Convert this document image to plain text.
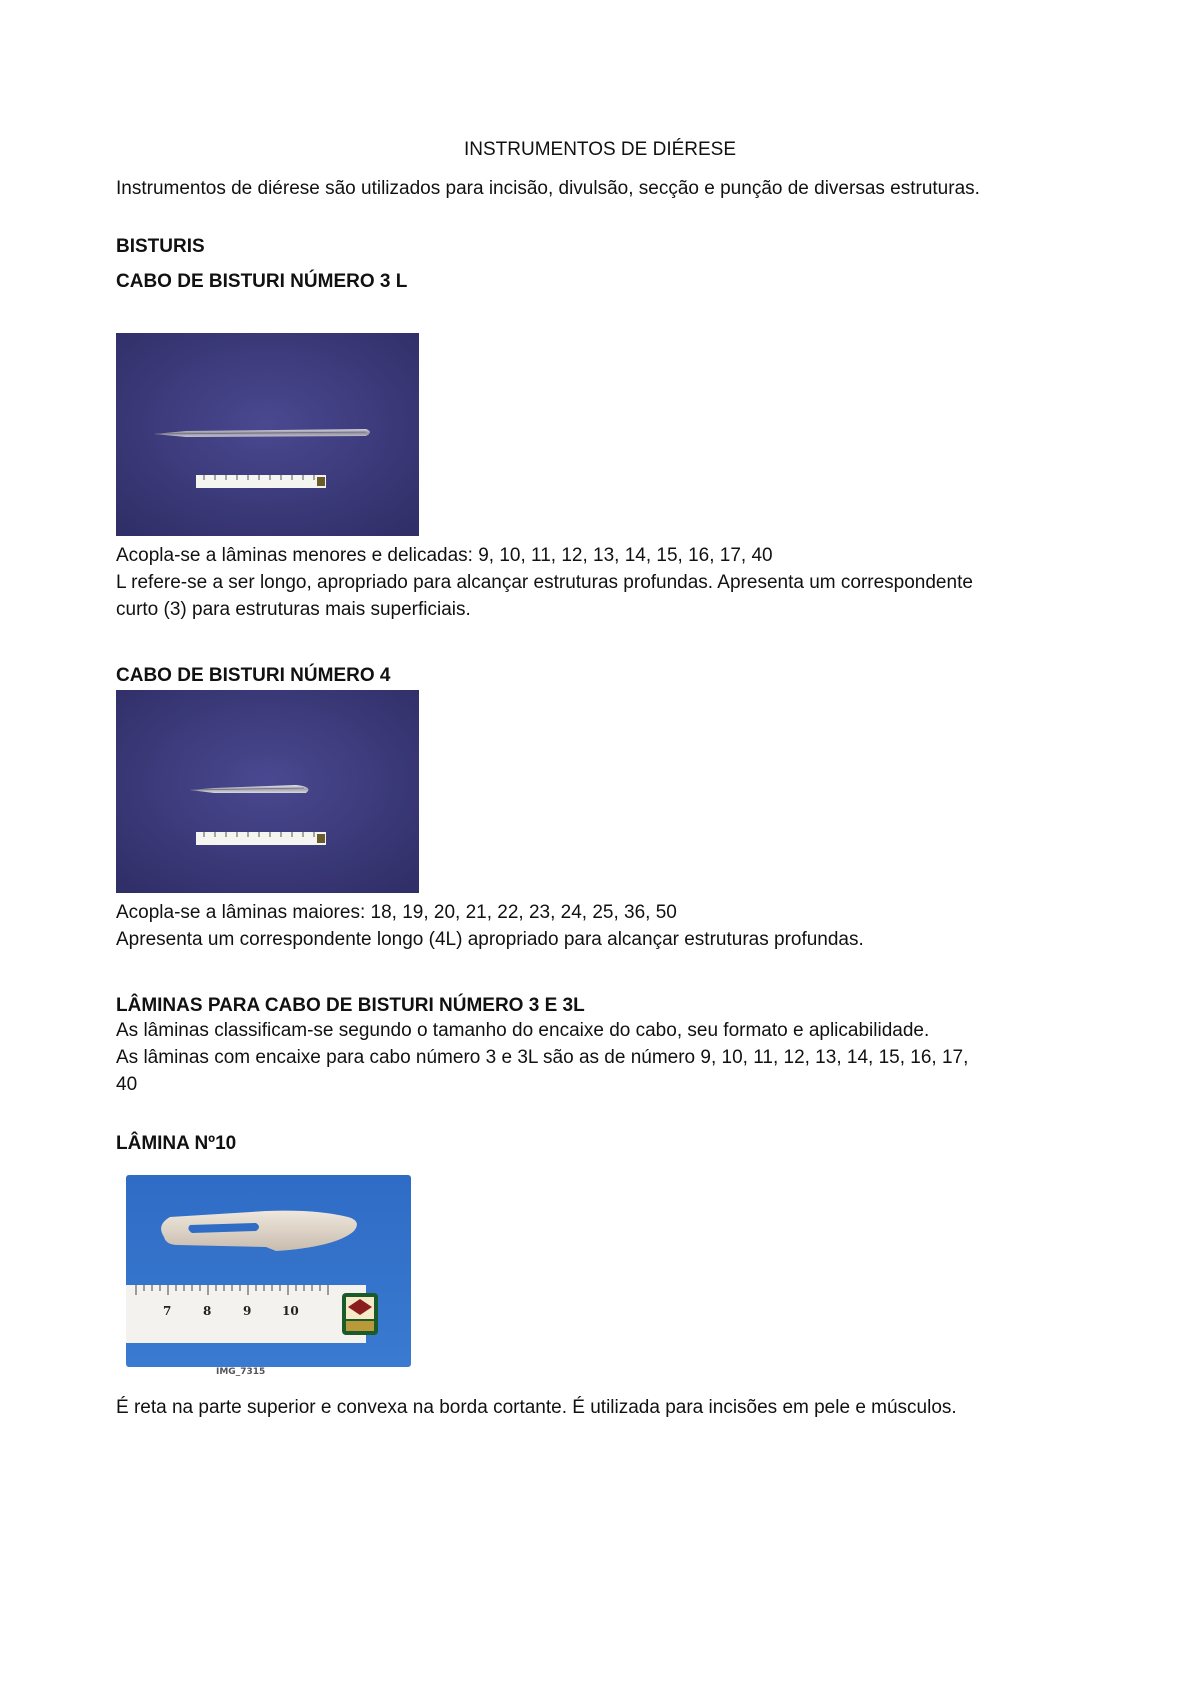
INSTRUMENTOS DE DIÉRESE

Instrumentos de diérese são utilizados para incisão, divulsão, secção e punção de diversas estruturas.

BISTURIS

CABO DE BISTURI NÚMERO 3 L

Acopla-se a lâminas menores e delicadas: 9, 10, 11, 12, 13, 14, 15, 16, 17, 40

L refere-se a ser longo, apropriado para alcançar estruturas profundas. Apresenta um correspondente

curto (3) para estruturas mais superficiais.

CABO DE BISTURI NÚMERO 4

Acopla-se a lâminas maiores: 18, 19, 20, 21, 22, 23, 24, 25, 36, 50

Apresenta um correspondente longo (4L) apropriado para alcançar estruturas profundas.

LÂMINAS PARA CABO DE BISTURI NÚMERO 3 E 3L

As lâminas classificam-se segundo o tamanho do encaixe do cabo, seu formato e aplicabilidade.

As lâminas com encaixe para cabo número 3 e 3L são as de número 9, 10, 11, 12, 13, 14, 15, 16, 17,

40

LÂMINA Nº10

7	8	9	10
IMG_7315

É reta na parte superior e convexa na borda cortante. É utilizada para incisões em pele e músculos.
